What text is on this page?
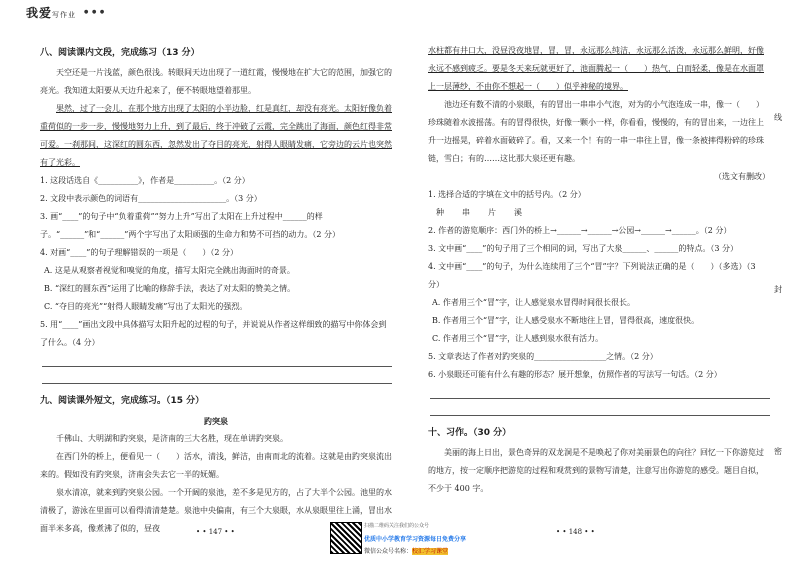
我爱写作业 ● ● ●
八、阅读课内文段，完成练习（13 分）

天空还是一片浅蓝，颜色很浅。转眼间天边出现了一道红霞，慢慢地在扩大它的范围，加强它的亮光。我知道太阳要从天边升起来了，便不转眼地望着那里。

果然，过了一会儿，在那个地方出现了太阳的小半边脸，红是真红，却没有亮光。太阳好像负着重荷似的一步一步，慢慢地努力上升，到了最后，终于冲破了云霞，完全跳出了海面，颜色红得非常可爱。一刹那间，这深红的圆东西，忽然发出了夺目的亮光，射得人眼睛发痛，它旁边的云片也突然有了光彩。

1. 这段话选自《__________》，作者是__________。（2 分）
2. 文段中表示颜色的词语有______________________。（3 分）
3. 画“____”的句子中“负着重荷”“努力上升”写出了太阳在上升过程中______的样子。“______”和“______”两个字写出了太阳顽强的生命力和势不可挡的动力。（2 分）
4. 对画“____”的句子理解错误的一项是（　　）（2 分）
A. 这是从观察者视觉和嗅觉的角度，描写太阳完全跳出海面时的奇景。
B. “深红的圆东西”运用了比喻的修辞手法，表达了对太阳的赞美之情。
C. “夺目的亮光”“射得人眼睛发痛”写出了太阳光的强烈。
5. 用“____”画出文段中具体描写太阳升起的过程的句子，并说说从作者这样细致的描写中你体会到了什么。（4 分）
九、阅读课外短文，完成练习。（15 分）
趵突泉

千佛山、大明湖和趵突泉，是济南的三大名胜，现在单讲趵突泉。

在西门外的桥上，便看见一（　　）活水，清浅，鲜洁，由南而北的流着。这就是由趵突泉流出来的。假如没有趵突泉，济南会失去它一半的妩媚。

泉水清凉，就来到趵突泉公园。一个开阔的泉池，差不多是见方的，占了大半个公园。池里的水清极了，游泳在里面可以看得清清楚楚。泉池中央偏南，有三个大泉眼，水从泉眼里往上涌，冒出水面半米多高，像煮沸了似的，昼夜

水柱都有井口大，没昼没夜地冒，冒，冒，永远那么纯洁，永远那么活泼，永远那么鲜明，好像永远不感到疲乏。要是冬天来玩就更好了，池面腾起一（　　）热气，白而轻柔，像是在水面罩上一层薄纱，不由你不想起一（　　）似乎神秘的境界。

池边还有数不清的小泉眼，有的冒出一串串小气泡，对为的小气泡连成一串，像一（　　）珍珠随着水波摇荡。有的冒得很快，好像一颗小一样，你看看，慢慢的，有的冒出来，一边往上升一边摇晃，碎着水面破碎了。看，又来一个！有的一串一串往上冒，像一条被摔得粉碎的珍珠链，雪白；有的……这比那大泉还更有趣。

（选文有删改）
1. 选择合适的字填在文中的括号内。（2 分）
种串片溪
2. 作者的游览顺序：西门外的桥上→______→______→公园→______→______。（2 分）
3. 文中画“____”的句子用了三个相同的词，写出了大泉______、______的特点。（3 分）
4. 文中画“____”的句子，为什么连续用了三个“冒”字？下列说法正确的是（　　）（多选）（3 分）
A. 作者用三个“冒”字，让人感觉泉水冒得时间很长很长。
B. 作者用三个“冒”字，让人感受泉水不断地往上冒，冒得很高，速度很快。
C. 作者用三个“冒”字，让人感到泉水很有活力。
5. 文章表达了作者对趵突泉的__________________之情。（2 分）
6. 小泉眼还可能有什么有趣的形态？展开想象，仿照作者的写法写一句话。（2 分）
十、习作。（30 分）

美丽的海上日出，景色奇异的双龙洞是不是唤起了你对美丽景色的向往？回忆一下你游览过的地方，按一定顺序把游览的过程和观赏到的景物写清楚，注意写出你游览的感受。题目自拟，不少于 400 字。

线
封
密
• • 147 • •	• • 148 • •
扫描二维码关注我们的公众号
优质中小学教育学习资源每日免费分享
微信公众号名称：校汇学习课堂
